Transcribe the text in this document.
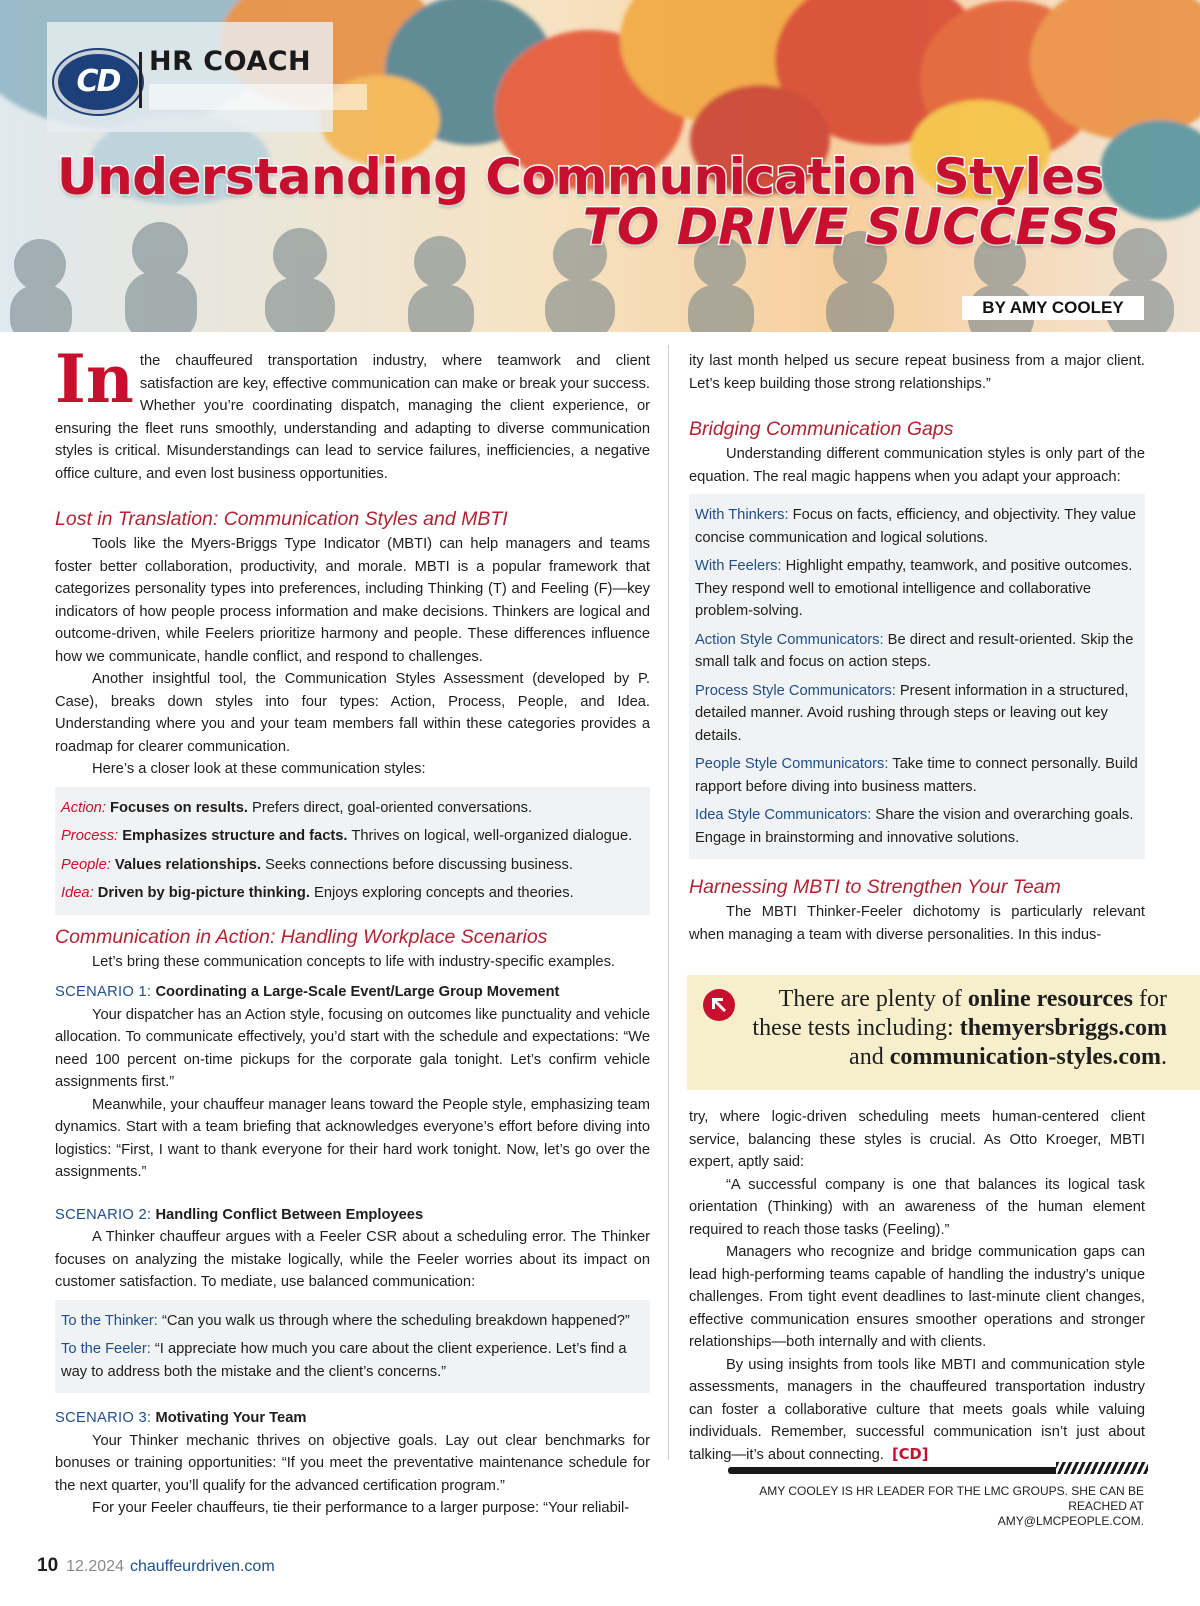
CD
HR COACH
Understanding Communication Styles
TO DRIVE SUCCESS
BY AMY COOLEY

In the chauffeured transportation industry, where teamwork and client satisfaction are key, effective communication can make or break your success. Whether you’re coordinating dispatch, managing the client experience, or ensuring the fleet runs smoothly, understanding and adapting to diverse communication styles is critical. Misunderstandings can lead to service failures, inefficiencies, a negative office culture, and even lost business opportunities.

Lost in Translation: Communication Styles and MBTI

Tools like the Myers-Briggs Type Indicator (MBTI) can help managers and teams foster better collaboration, productivity, and morale. MBTI is a popular framework that categorizes personality types into preferences, including Thinking (T) and Feeling (F)—key indicators of how people process information and make decisions. Thinkers are logical and outcome-driven, while Feelers prioritize harmony and people. These differences influence how we communicate, handle conflict, and respond to challenges.

Another insightful tool, the Communication Styles Assessment (developed by P. Case), breaks down styles into four types: Action, Process, People, and Idea. Understanding where you and your team members fall within these categories provides a roadmap for clearer communication.

Here’s a closer look at these communication styles:

Action: Focuses on results. Prefers direct, goal-oriented conversations.

Process: Emphasizes structure and facts. Thrives on logical, well-organized dialogue.

People: Values relationships. Seeks connections before discussing business.

Idea: Driven by big-picture thinking. Enjoys exploring concepts and theories.

Communication in Action: Handling Workplace Scenarios

Let’s bring these communication concepts to life with industry-specific examples.

SCENARIO 1: Coordinating a Large-Scale Event/Large Group Movement

Your dispatcher has an Action style, focusing on outcomes like punctuality and vehicle allocation. To communicate effectively, you’d start with the schedule and expectations: “We need 100 percent on-time pickups for the corporate gala tonight. Let’s confirm vehicle assignments first.”

Meanwhile, your chauffeur manager leans toward the People style, emphasizing team dynamics. Start with a team briefing that acknowledges everyone’s effort before diving into logistics: “First, I want to thank everyone for their hard work tonight. Now, let’s go over the assignments.”

SCENARIO 2: Handling Conflict Between Employees

A Thinker chauffeur argues with a Feeler CSR about a scheduling error. The Thinker focuses on analyzing the mistake logically, while the Feeler worries about its impact on customer satisfaction. To mediate, use balanced communication:

To the Thinker: “Can you walk us through where the scheduling breakdown happened?”

To the Feeler: “I appreciate how much you care about the client experience. Let’s find a way to address both the mistake and the client’s concerns.”

SCENARIO 3: Motivating Your Team

Your Thinker mechanic thrives on objective goals. Lay out clear benchmarks for bonuses or training opportunities: “If you meet the preventative maintenance schedule for the next quarter, you’ll qualify for the advanced certification program.”

For your Feeler chauffeurs, tie their performance to a larger purpose: “Your reliabil-

ity last month helped us secure repeat business from a major client. Let’s keep building those strong relationships.”

Bridging Communication Gaps

Understanding different communication styles is only part of the equation. The real magic happens when you adapt your approach:

With Thinkers: Focus on facts, efficiency, and objectivity. They value concise communication and logical solutions.

With Feelers: Highlight empathy, teamwork, and positive outcomes. They respond well to emotional intelligence and collaborative problem-solving.

Action Style Communicators: Be direct and result-oriented. Skip the small talk and focus on action steps.

Process Style Communicators: Present information in a structured, detailed manner. Avoid rushing through steps or leaving out key details.

People Style Communicators: Take time to connect personally. Build rapport before diving into business matters.

Idea Style Communicators: Share the vision and overarching goals. Engage in brainstorming and innovative solutions.

Harnessing MBTI to Strengthen Your Team

The MBTI Thinker-Feeler dichotomy is particularly relevant when managing a team with diverse personalities. In this indus-

try, where logic-driven scheduling meets human-centered client service, balancing these styles is crucial. As Otto Kroeger, MBTI expert, aptly said:

“A successful company is one that balances its logical task orientation (Thinking) with an awareness of the human element required to reach those tasks (Feeling).”

Managers who recognize and bridge communication gaps can lead high-performing teams capable of handling the industry’s unique challenges. From tight event deadlines to last-minute client changes, effective communication ensures smoother operations and stronger relationships—both internally and with clients.

By using insights from tools like MBTI and communication style assessments, managers in the chauffeured transportation industry can foster a collaborative culture that meets goals while valuing individuals. Remember, successful communication isn’t just about talking—it’s about connecting. [CD]

There are plenty of online resources for these tests including: themyersbriggs.com and communication-styles.com.
AMY COOLEY IS HR LEADER FOR THE LMC GROUPS. SHE CAN BE REACHED AT
AMY@LMCPEOPLE.COM.
10 12.2024 chauffeurdriven.com
